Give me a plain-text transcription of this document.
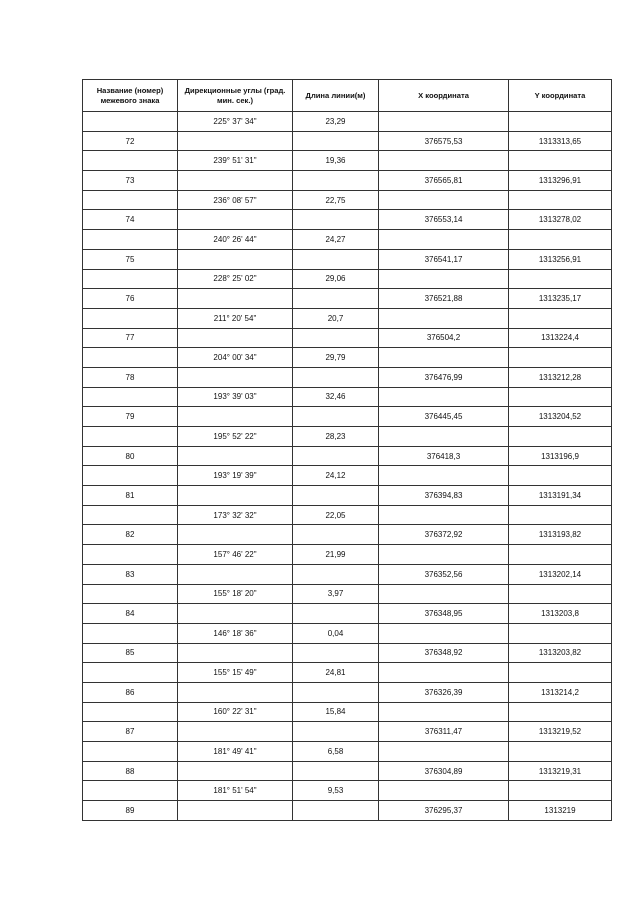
Название (номер) межевого знака	Дирекционные углы (град. мин. сек.)	Длина линии(м)	X координата	Y координата
	225° 37' 34"	23,29		
72			376575,53	1313313,65
	239° 51' 31"	19,36		
73			376565,81	1313296,91
	236° 08' 57"	22,75		
74			376553,14	1313278,02
	240° 26' 44"	24,27		
75			376541,17	1313256,91
	228° 25' 02"	29,06		
76			376521,88	1313235,17
	211° 20' 54"	20,7		
77			376504,2	1313224,4
	204° 00' 34"	29,79		
78			376476,99	1313212,28
	193° 39' 03"	32,46		
79			376445,45	1313204,52
	195° 52' 22"	28,23		
80			376418,3	1313196,9
	193° 19' 39"	24,12		
81			376394,83	1313191,34
	173° 32' 32"	22,05		
82			376372,92	1313193,82
	157° 46' 22"	21,99		
83			376352,56	1313202,14
	155° 18' 20"	3,97		
84			376348,95	1313203,8
	146° 18' 36"	0,04		
85			376348,92	1313203,82
	155° 15' 49"	24,81		
86			376326,39	1313214,2
	160° 22' 31"	15,84		
87			376311,47	1313219,52
	181° 49' 41"	6,58		
88			376304,89	1313219,31
	181° 51' 54"	9,53		
89			376295,37	1313219
